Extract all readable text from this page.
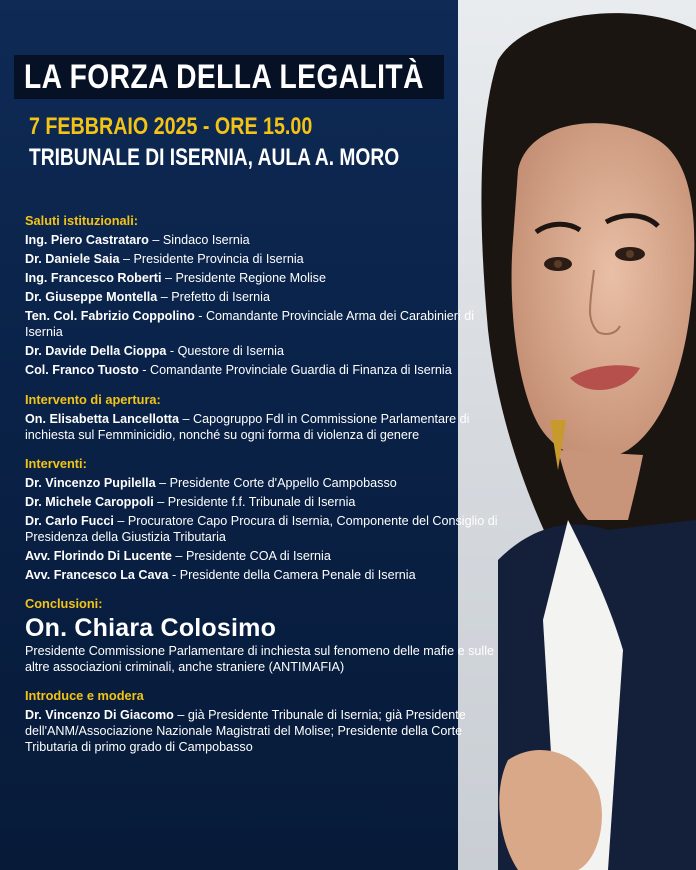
LA FORZA DELLA LEGALITÀ
7 FEBBRAIO 2025 - ORE 15.00
TRIBUNALE DI ISERNIA, AULA A. MORO
Saluti istituzionali:
Ing. Piero Castrataro – Sindaco Isernia
Dr. Daniele Saia – Presidente Provincia di Isernia
Ing. Francesco Roberti – Presidente Regione Molise
Dr. Giuseppe Montella – Prefetto di Isernia
Ten. Col. Fabrizio Coppolino - Comandante Provinciale Arma dei Carabinieri di Isernia
Dr. Davide Della Cioppa - Questore di Isernia
Col. Franco Tuosto - Comandante Provinciale Guardia di Finanza di Isernia
Intervento di apertura:
On. Elisabetta Lancellotta – Capogruppo FdI in Commissione Parlamentare di inchiesta sul Femminicidio, nonché su ogni forma di violenza di genere
Interventi:
Dr. Vincenzo Pupilella – Presidente Corte d'Appello Campobasso
Dr. Michele Caroppoli – Presidente f.f. Tribunale di Isernia
Dr. Carlo Fucci – Procuratore Capo Procura di Isernia, Componente del Consiglio di Presidenza della Giustizia Tributaria
Avv. Florindo Di Lucente – Presidente COA di Isernia
Avv. Francesco La Cava - Presidente della Camera Penale di Isernia
Conclusioni:
On. Chiara Colosimo
Presidente Commissione Parlamentare di inchiesta sul fenomeno delle mafie e sulle altre associazioni criminali, anche straniere (ANTIMAFIA)
Introduce e modera
Dr. Vincenzo Di Giacomo – già Presidente Tribunale di Isernia; già Presidente dell'ANM/Associazione Nazionale Magistrati del Molise; Presidente della Corte Tributaria di primo grado di Campobasso
